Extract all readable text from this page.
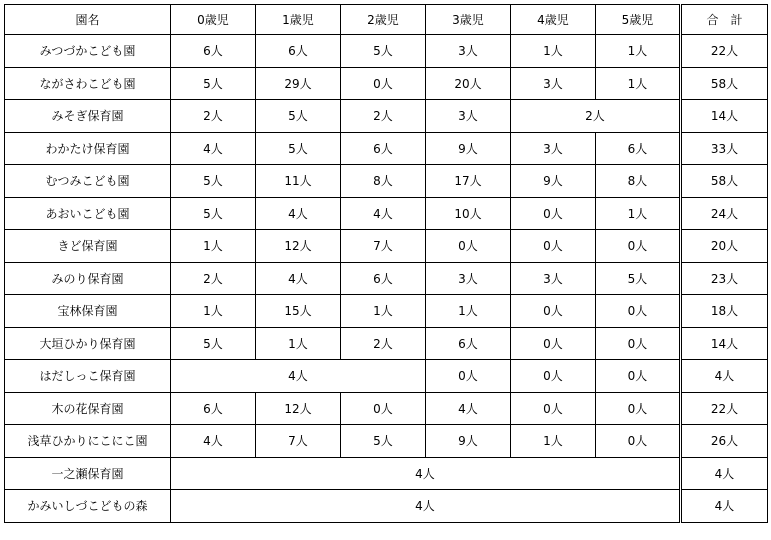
園名	0歳児	1歳児	2歳児	3歳児	4歳児	5歳児	合　計
みつづかこども園	6人	6人	5人	3人	1人	1人	22人
ながさわこども園	5人	29人	0人	20人	3人	1人	58人
みそぎ保育園	2人	5人	2人	3人	2人		14人
わかたけ保育園	4人	5人	6人	9人	3人	6人	33人
むつみこども園	5人	11人	8人	17人	9人	8人	58人
あおいこども園	5人	4人	4人	10人	0人	1人	24人
きど保育園	1人	12人	7人	0人	0人	0人	20人
みのり保育園	2人	4人	6人	3人	3人	5人	23人
宝林保育園	1人	15人	1人	1人	0人	0人	18人
大垣ひかり保育園	5人	1人	2人	6人	0人	0人	14人
はだしっこ保育園	4人			0人	0人	0人	4人
木の花保育園	6人	12人	0人	4人	0人	0人	22人
浅草ひかりにこにこ園	4人	7人	5人	9人	1人	0人	26人
一之瀬保育園	4人						4人
かみいしづこどもの森	4人						4人
